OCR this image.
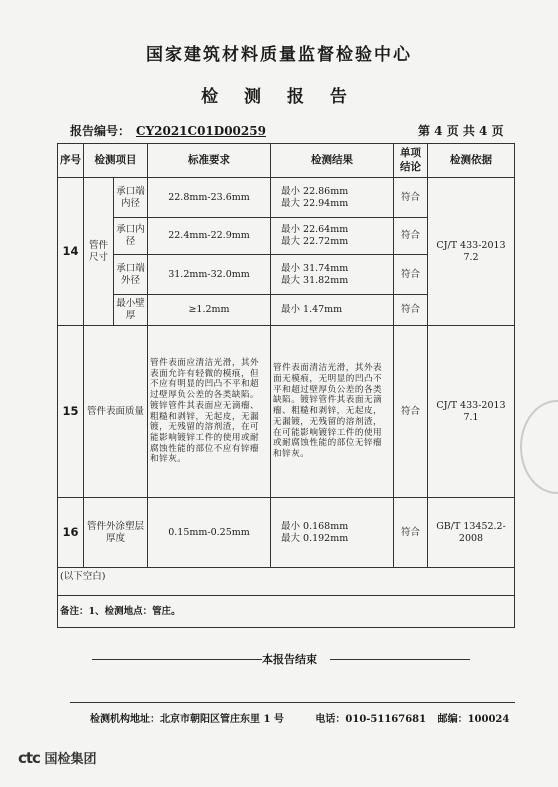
国家建筑材料质量监督检验中心
检 测 报 告
报告编号： CY2021C01D00259	第 4 页 共 4 页
序号	检测项目		标准要求	检测结果	单项结论	检测依据
14	管件尺寸	承口端内径	22.8mm-23.6mm	最小 22.86mm
最大 22.94mm	符合	CJ/T 433-2013 7.2
		承口内径	22.4mm-22.9mm	最小 22.64mm
最大 22.72mm	符合	
		承口端外径	31.2mm-32.0mm	最小 31.74mm
最大 31.82mm	符合	
		最小壁厚	≥1.2mm	最小 1.47mm	符合	
15	管件表面质量		管件表面应清洁光滑，其外表面允许有轻微的模痕，但不应有明显的凹凸不平和超过壁厚负公差的各类缺陷。镀锌管件其表面应无滴瘤、粗糙和剥锌，无起皮，无漏镀，无残留的溶剂渣，在可能影响镀锌工件的使用或耐腐蚀性能的部位不应有锌瘤和锌灰。	管件表面清洁光滑，其外表面无模痕，无明显的凹凸不平和超过壁厚负公差的各类缺陷。镀锌管件其表面无滴瘤、粗糙和剥锌，无起皮，无漏镀，无残留的溶剂渣，在可能影响镀锌工件的使用或耐腐蚀性能的部位无锌瘤和锌灰。	符合	CJ/T 433-2013 7.1
16	管件外涂塑层厚度		0.15mm-0.25mm	最小 0.168mm
最大 0.192mm	符合	GB/T 13452.2-2008
(以下空白)						
备注：1、检测地点：管庄。						
本报告结束
检测机构地址：北京市朝阳区管庄东里 1 号	电话：010-51167681 邮编：100024
ctc 国检集团
